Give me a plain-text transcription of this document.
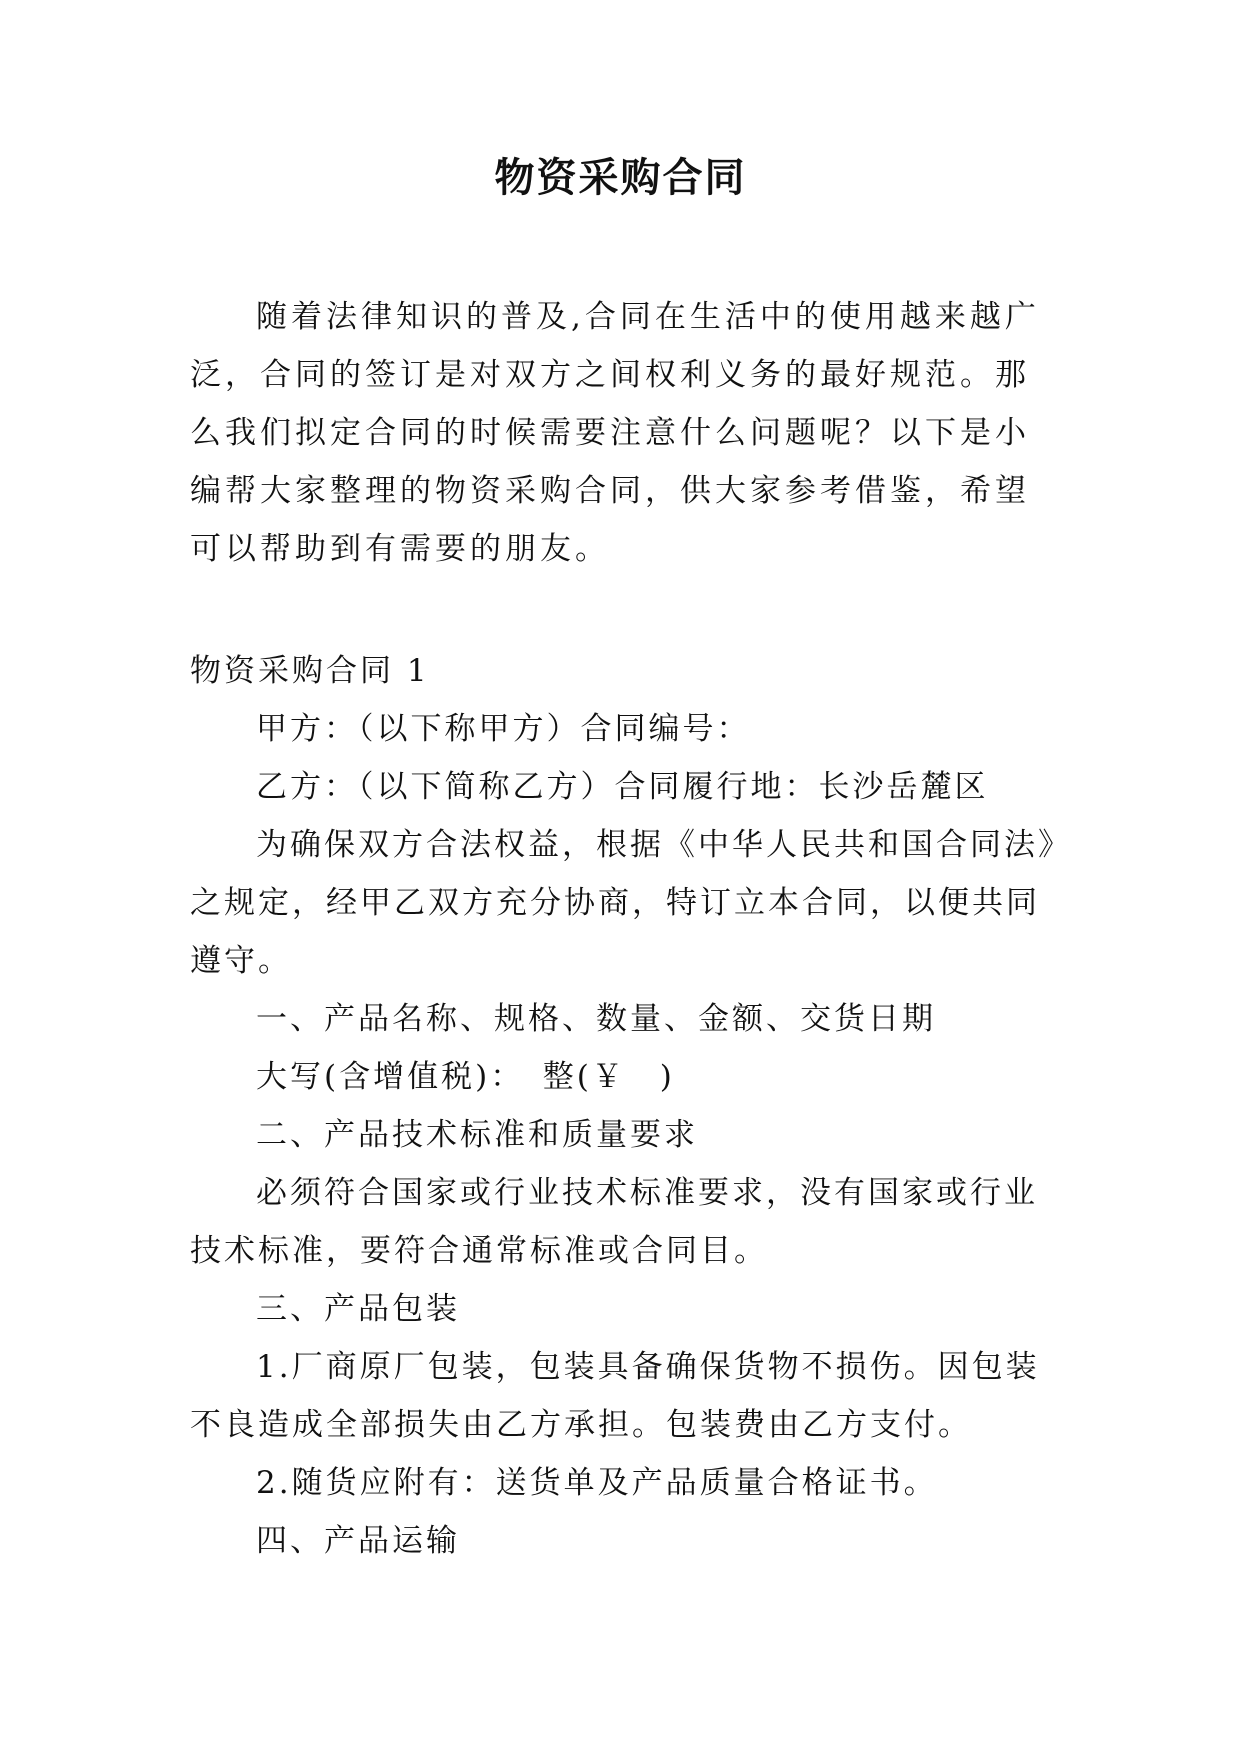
物资采购合同

随着法律知识的普及,合同在生活中的使用越来越广泛，合同的签订是对双方之间权利义务的最好规范。那么我们拟定合同的时候需要注意什么问题呢？以下是小编帮大家整理的物资采购合同，供大家参考借鉴，希望可以帮助到有需要的朋友。

物资采购合同 1

甲方：（以下称甲方）合同编号：

乙方：（以下简称乙方）合同履行地：长沙岳麓区

为确保双方合法权益，根据《中华人民共和国合同法》之规定，经甲乙双方充分协商，特订立本合同，以便共同遵守。

一、产品名称、规格、数量、金额、交货日期

大写(含增值税)：　整(￥　)

二、产品技术标准和质量要求

必须符合国家或行业技术标准要求，没有国家或行业技术标准，要符合通常标准或合同目。

三、产品包装

1.厂商原厂包装，包装具备确保货物不损伤。因包装不良造成全部损失由乙方承担。包装费由乙方支付。

2.随货应附有：送货单及产品质量合格证书。

四、产品运输
